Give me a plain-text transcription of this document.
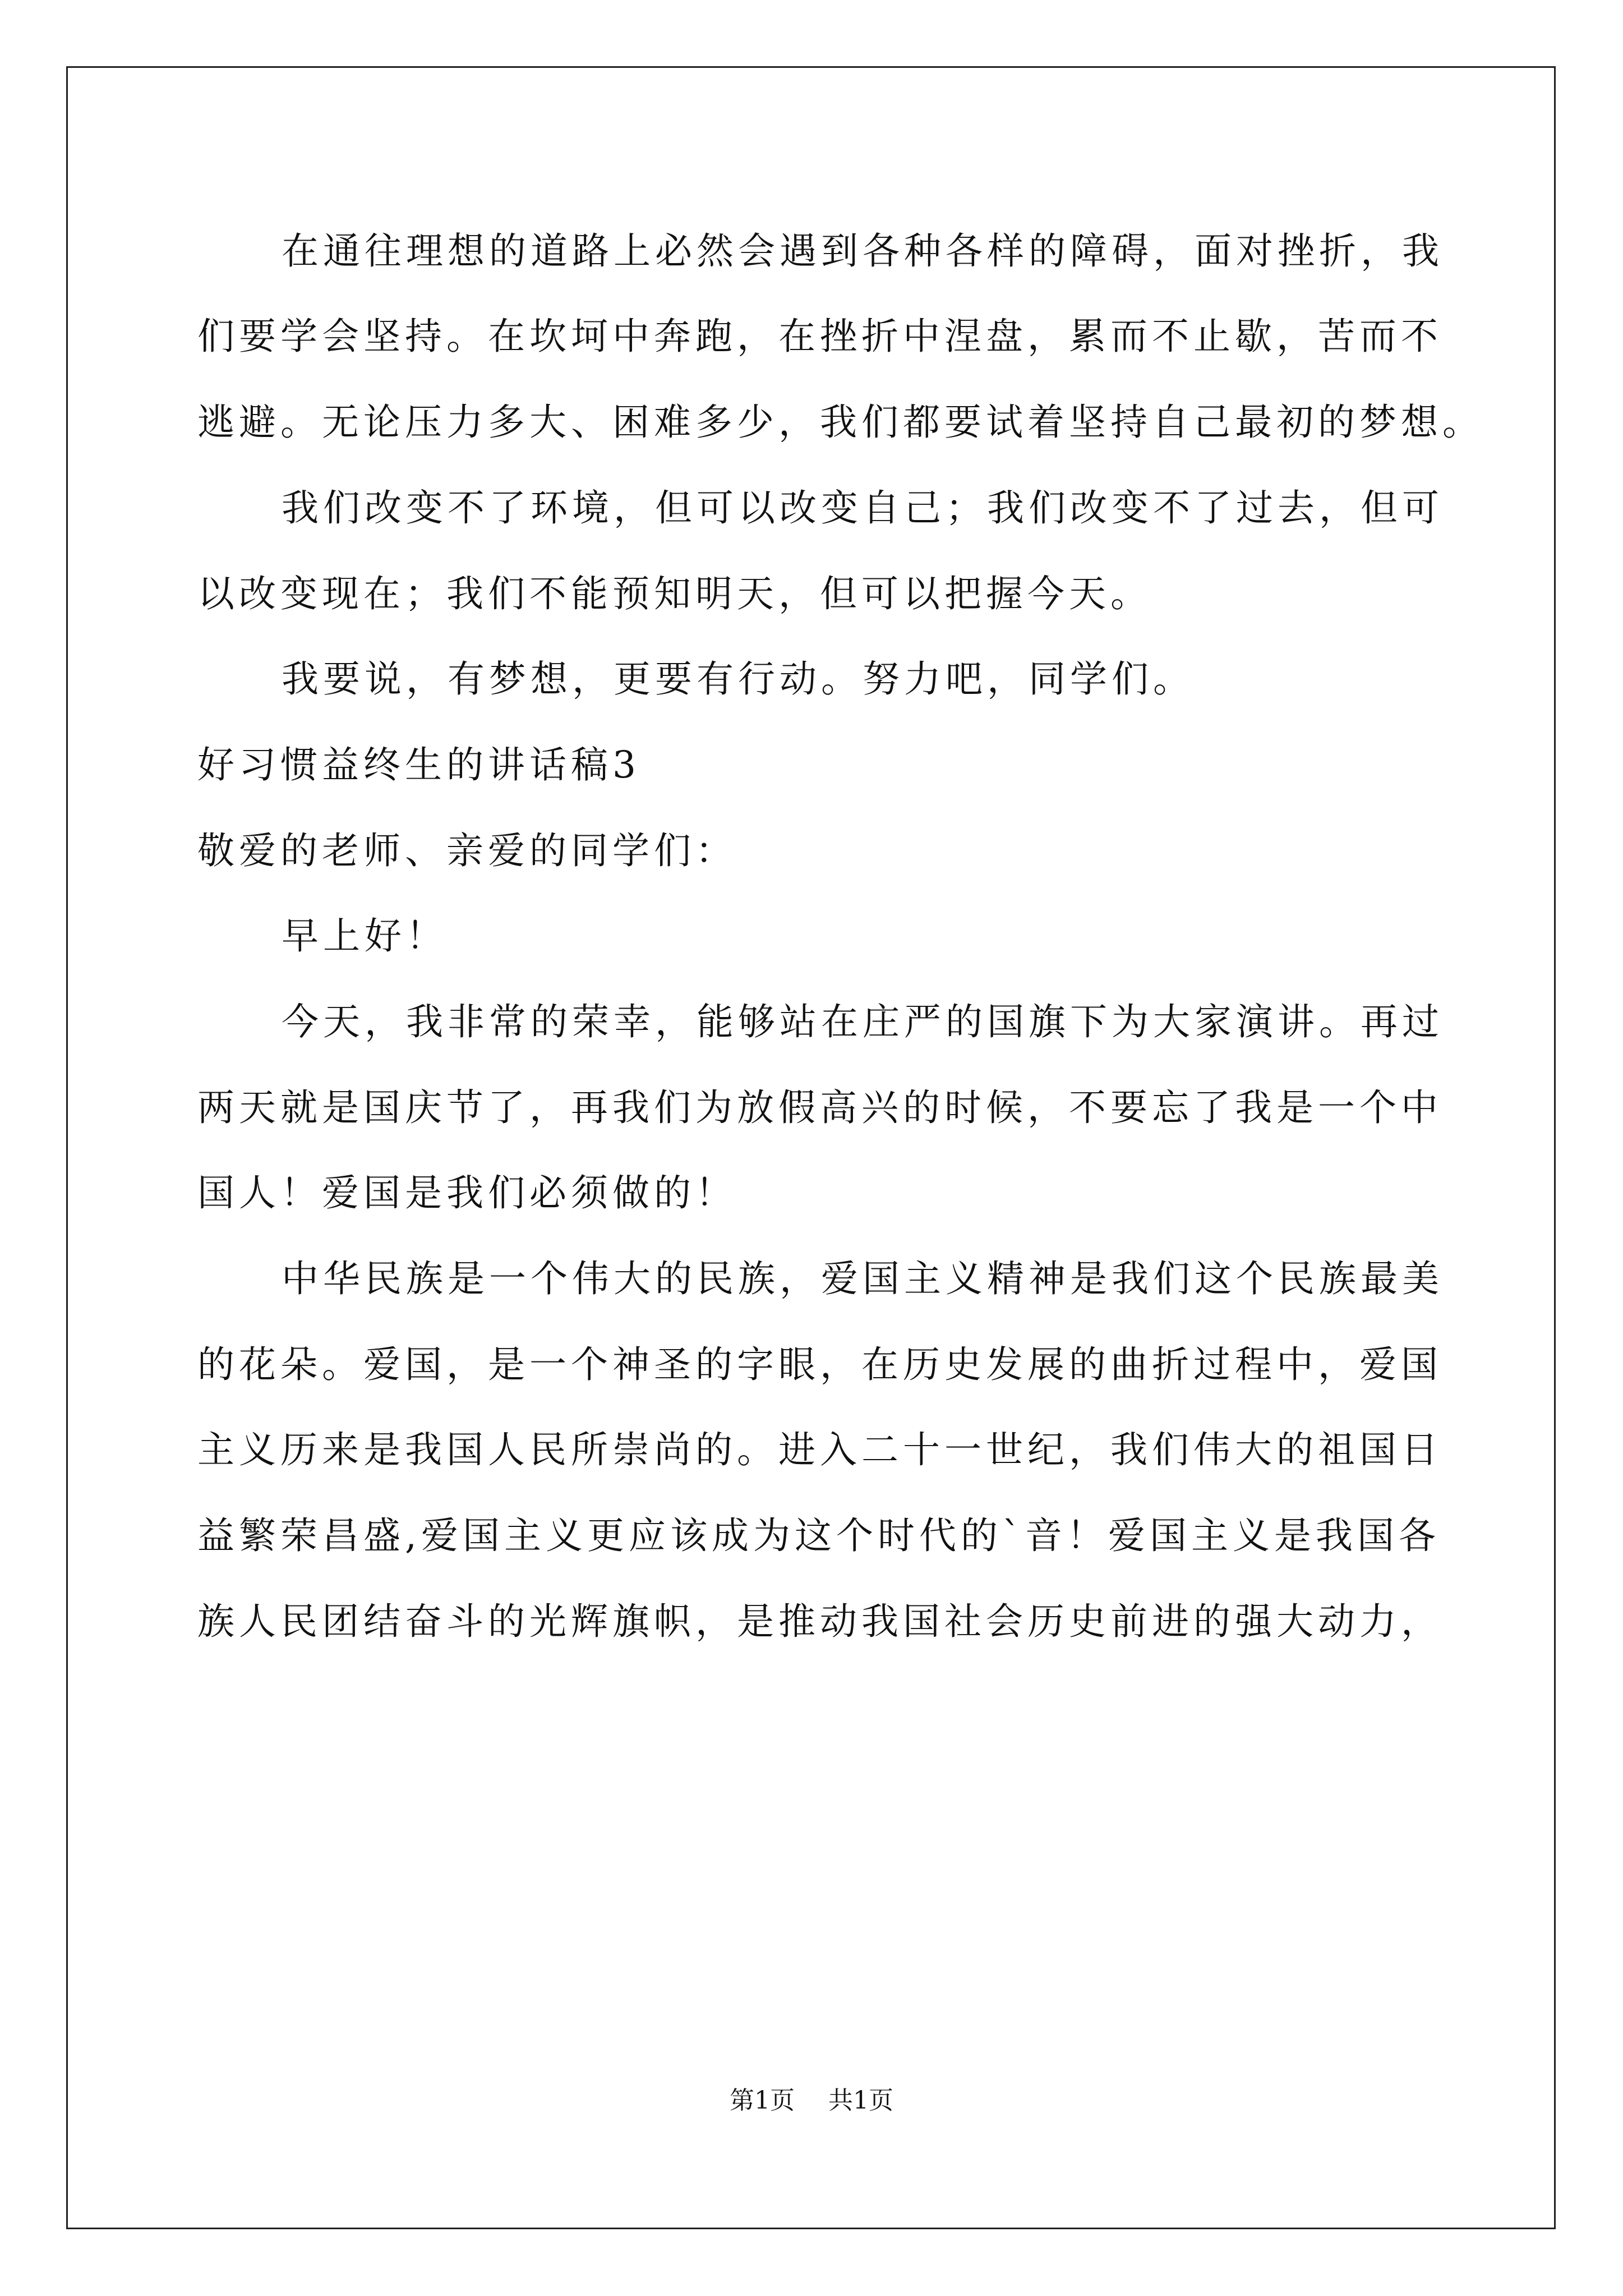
在通往理想的道路上必然会遇到各种各样的障碍，面对挫折，我
们要学会坚持。在坎坷中奔跑，在挫折中涅盘，累而不止歇，苦而不
逃避。无论压力多大、困难多少，我们都要试着坚持自己最初的梦想。
我们改变不了环境，但可以改变自己；我们改变不了过去，但可
以改变现在；我们不能预知明天，但可以把握今天。
我要说，有梦想，更要有行动。努力吧，同学们。
好习惯益终生的讲话稿3
敬爱的老师、亲爱的同学们：
早上好！
今天，我非常的荣幸，能够站在庄严的国旗下为大家演讲。再过
两天就是国庆节了，再我们为放假高兴的时候，不要忘了我是一个中
国人！爱国是我们必须做的！
中华民族是一个伟大的民族，爱国主义精神是我们这个民族最美
的花朵。爱国，是一个神圣的字眼，在历史发展的曲折过程中，爱国
主义历来是我国人民所崇尚的。进入二十一世纪，我们伟大的祖国日
益繁荣昌盛,爱国主义更应该成为这个时代的`音！爱国主义是我国各
族人民团结奋斗的光辉旗帜，是推动我国社会历史前进的强大动力，
第1页 共1页
